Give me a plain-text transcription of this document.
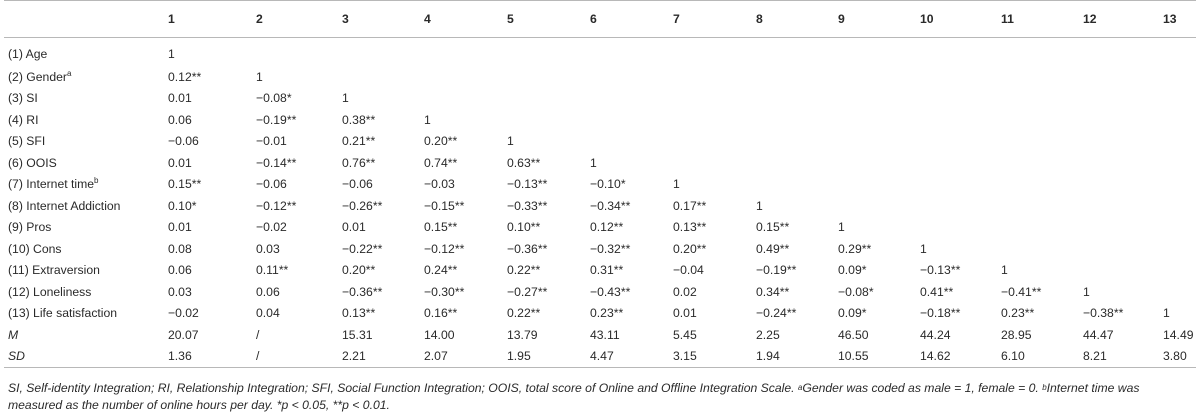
	1	2	3	4	5	6	7	8	9	10	11	12	13
(1) Age	1												
(2) Gender$^a$	0.12**	1											
(3) SI	0.01	−0.08*	1										
(4) RI	0.06	−0.19**	0.38**	1									
(5) SFI	−0.06	−0.01	0.21**	0.20**	1								
(6) OOIS	0.01	−0.14**	0.76**	0.74**	0.63**	1							
(7) Internet time$^b$	0.15**	−0.06	−0.06	−0.03	−0.13**	−0.10*	1						
(8) Internet Addiction	0.10*	−0.12**	−0.26**	−0.15**	−0.33**	−0.34**	0.17**	1					
(9) Pros	0.01	−0.02	0.01	0.15**	0.10**	0.12**	0.13**	0.15**	1				
(10) Cons	0.08	0.03	−0.22**	−0.12**	−0.36**	−0.32**	0.20**	0.49**	0.29**	1			
(11) Extraversion	0.06	0.11**	0.20**	0.24**	0.22**	0.31**	−0.04	−0.19**	0.09*	−0.13**	1		
(12) Loneliness	0.03	0.06	−0.36**	−0.30**	−0.27**	−0.43**	0.02	0.34**	−0.08*	0.41**	−0.41**	1	
(13) Life satisfaction	−0.02	0.04	0.13**	0.16**	0.22**	0.23**	0.01	−0.24**	0.09*	−0.18**	0.23**	−0.38**	1
M	20.07	/	15.31	14.00	13.79	43.11	5.45	2.25	46.50	44.24	28.95	44.47	14.49
SD	1.36	/	2.21	2.07	1.95	4.47	3.15	1.94	10.55	14.62	6.10	8.21	3.80
SI, Self-identity Integration; RI, Relationship Integration; SFI, Social Function Integration; OOIS, total score of Online and Offline Integration Scale. $^a$Gender was coded as male = 1, female = 0. $^b$Internet time was measured as the number of online hours per day. *p < 0.05, **p < 0.01.
